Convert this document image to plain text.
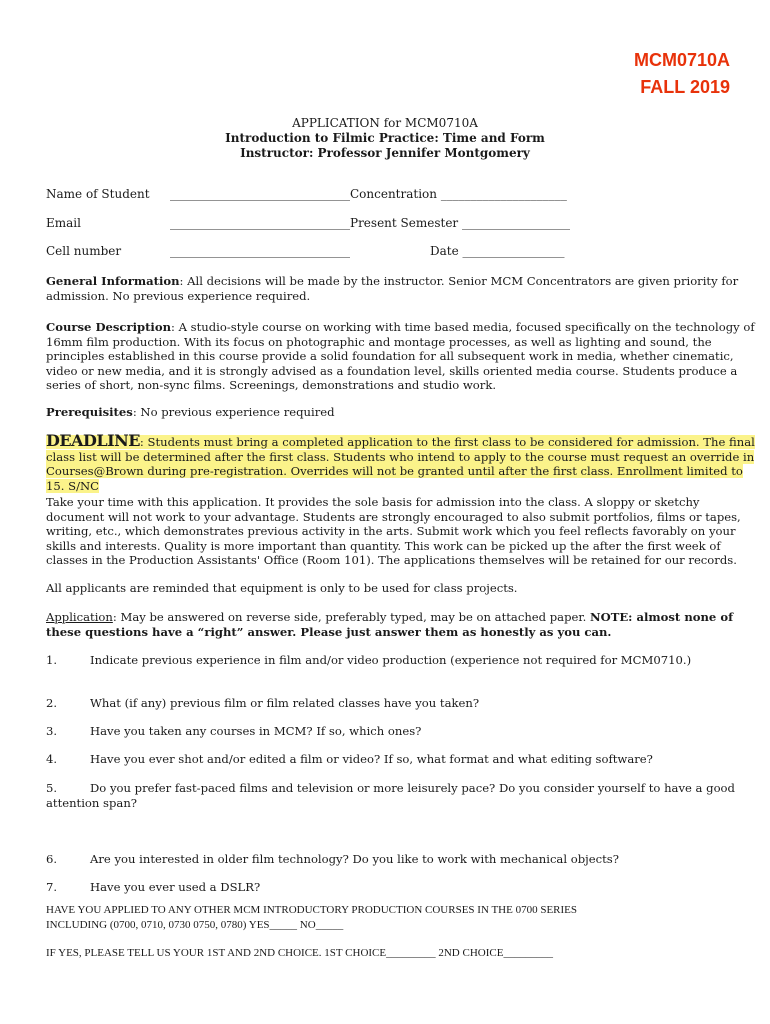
MCM0710A
FALL 2019
APPLICATION for MCM0710A
Introduction to Filmic Practice: Time and Form
Instructor: Professor Jennifer Montgomery
Name of Student ______________________________Concentration _____________________
Email	______________________________Present Semester __________________
Cell number	______________________________	Date _________________
General Information: All decisions will be made by the instructor. Senior MCM Concentrators are given priority for admission. No previous experience required.
Course Description: A studio-style course on working with time based media, focused specifically on the technology of 16mm film production. With its focus on photographic and montage processes, as well as lighting and sound, the principles established in this course provide a solid foundation for all subsequent work in media, whether cinematic, video or new media, and it is strongly advised as a foundation level, skills oriented media course. Students produce a series of short, non-sync films. Screenings, demonstrations and studio work.
Prerequisites: No previous experience required
DEADLINE: Students must bring a completed application to the first class to be considered for admission. The final class list will be determined after the first class. Students who intend to apply to the course must request an override in Courses@Brown during pre-registration. Overrides will not be granted until after the first class. Enrollment limited to 15. S/NC
Take your time with this application. It provides the sole basis for admission into the class. A sloppy or sketchy document will not work to your advantage. Students are strongly encouraged to also submit portfolios, films or tapes, writing, etc., which demonstrates previous activity in the arts. Submit work which you feel reflects favorably on your skills and interests. Quality is more important than quantity. This work can be picked up the after the first week of classes in the Production Assistants' Office (Room 101). The applications themselves will be retained for our records.
All applicants are reminded that equipment is only to be used for class projects.
Application: May be answered on reverse side, preferably typed, may be on attached paper. NOTE: almost none of these questions have a “right” answer. Please just answer them as honestly as you can.
1.	Indicate previous experience in film and/or video production (experience not required for MCM0710.)
2.	What (if any) previous film or film related classes have you taken?
3.	Have you taken any courses in MCM? If so, which ones?
4.	Have you ever shot and/or edited a film or video? If so, what format and what editing software?
5.	Do you prefer fast-paced films and television or more leisurely pace? Do you consider yourself to have a good
attention span?
6.	Are you interested in older film technology? Do you like to work with mechanical objects?
7.	Have you ever used a DSLR?
HAVE YOU APPLIED TO ANY OTHER MCM INTRODUCTORY PRODUCTION COURSES IN THE 0700 SERIES
INCLUDING (0700, 0710, 0730 0750, 0780) YES_____ NO_____
IF YES, PLEASE TELL US YOUR 1ST AND 2ND CHOICE. 1ST CHOICE_________ 2ND CHOICE_________
